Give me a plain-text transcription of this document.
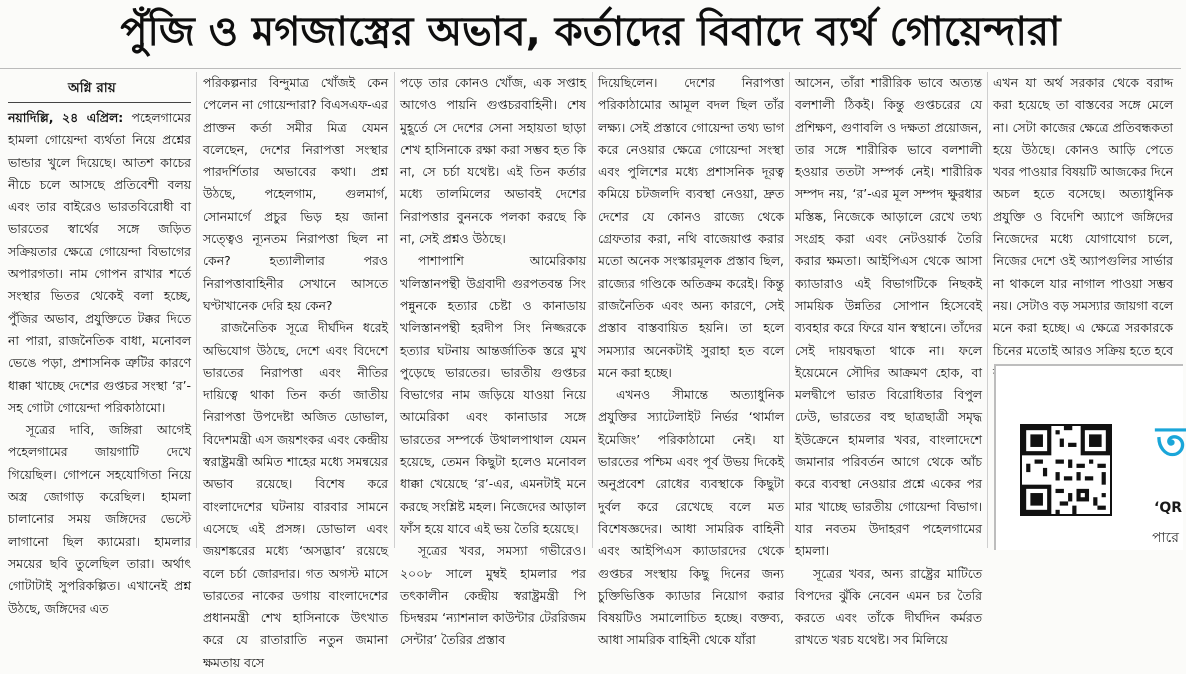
পুঁজি ও মগজাস্ত্রের অভাব, কর্তাদের বিবাদে ব্যর্থ গোয়েন্দারা
অগ্নি রায়

নয়াদিল্লি, ২৪ এপ্রিল: পহেলগামের হামলা গোয়েন্দা ব্যর্থতা নিয়ে প্রশ্নের ভান্ডার খুলে দিয়েছে। আতশ কাচের নীচে চলে আসছে প্রতিবেশী বলয় এবং তার বাইরেও ভারতবিরোধী বা ভারতের স্বার্থের সঙ্গে জড়িত সক্রিয়তার ক্ষেত্রে গোয়েন্দা বিভাগের অপারগতা। নাম গোপন রাখার শর্তে সংস্থার ভিতর থেকেই বলা হচ্ছে, পুঁজির অভাব, প্রযুক্তিতে টক্কর দিতে না পারা, রাজনৈতিক বাধা, মনোবল ভেঙে পড়া, প্রশাসনিক ত্রুটির কারণে ধাক্কা খাচ্ছে দেশের গুপ্তচর সংস্থা ‘র’-সহ গোটা গোয়েন্দা পরিকাঠামো।

সূত্রের দাবি, জঙ্গিরা আগেই পহেলগামের জায়গাটি দেখে গিয়েছিল। গোপনে সহযোগিতা নিয়ে অস্ত্র জোগাড় করেছিল। হামলা চালানোর সময় জঙ্গিদের ভেস্টে লাগানো ছিল ক্যামেরা। হামলার সময়ের ছবি তুলেছিল তারা। অর্থাৎ গোটাটাই সুপরিকল্পিত। এখানেই প্রশ্ন উঠছে, জঙ্গিদের এত

পরিকল্পনার বিন্দুমাত্র খোঁজই কেন পেলেন না গোয়েন্দারা? বিএসএফ-এর প্রাক্তন কর্তা সমীর মিত্র যেমন বলেছেন, দেশের নিরাপত্তা সংস্থার পারদর্শিতার অভাবের কথা। প্রশ্ন উঠছে, পহেলগাম, গুলমার্গ, সোনমার্গে প্রচুর ভিড় হয় জানা সত্ত্বেও ন্যূনতম নিরাপত্তা ছিল না কেন? হত্যালীলার পরও নিরাপত্তাবাহিনীর সেখানে আসতে ঘণ্টাখানেক দেরি হয় কেন?

রাজনৈতিক সূত্রে দীর্ঘদিন ধরেই অভিযোগ উঠছে, দেশে এবং বিদেশে ভারতের নিরাপত্তা এবং নীতির দায়িত্বে থাকা তিন কর্তা জাতীয় নিরাপত্তা উপদেষ্টা অজিত ডোভাল, বিদেশমন্ত্রী এস জয়শংকর এবং কেন্দ্রীয় স্বরাষ্ট্রমন্ত্রী অমিত শাহের মধ্যে সমন্বয়ের অভাব রয়েছে। বিশেষ করে বাংলাদেশের ঘটনায় বারবার সামনে এসেছে এই প্রসঙ্গ। ডোভাল এবং জয়শঙ্করের মধ্যে ‘অসদ্ভাব’ রয়েছে বলে চর্চা জোরদার। গত অগস্ট মাসে ভারতের নাকের ডগায় বাংলাদেশের প্রধানমন্ত্রী শেখ হাসিনাকে উৎখাত করে যে রাতারাতি নতুন জমানা ক্ষমতায় বসে

পড়ে তার কোনও খোঁজ, এক সপ্তাহ আগেও পায়নি গুপ্তচরবাহিনী। শেষ মুহূর্তে সে দেশের সেনা সহায়তা ছাড়া শেখ হাসিনাকে রক্ষা করা সম্ভব হত কি না, সে চর্চা যথেষ্ট। এই তিন কর্তার মধ্যে তালমিলের অভাবই দেশের নিরাপত্তার বুননকে পলকা করছে কি না, সেই প্রশ্নও উঠছে।

পাশাপাশি আমেরিকায় খলিস্তানপন্থী উগ্রবাদী গুরপতবন্ত সিং পন্নুনকে হত্যার চেষ্টা ও কানাডায় খলিস্তানপন্থী হরদীপ সিং নিজ্জরকে হত্যার ঘটনায় আন্তর্জাতিক স্তরে মুখ পুড়েছে ভারতের। ভারতীয় গুপ্তচর বিভাগের নাম জড়িয়ে যাওয়া নিয়ে আমেরিকা এবং কানাডার সঙ্গে ভারতের সম্পর্কে উথালপাথাল যেমন হয়েছে, তেমন কিছুটা হলেও মনোবল ধাক্কা খেয়েছে ‘র’-এর, এমনটাই মনে করছে সংশ্লিষ্ট মহল। নিজেদের আড়াল ফাঁস হয়ে যাবে এই ভয় তৈরি হয়েছে।

সূত্রের খবর, সমস্যা গভীরেও। ২০০৮ সালে মুম্বই হামলার পর তৎকালীন কেন্দ্রীয় স্বরাষ্ট্রমন্ত্রী পি চিদম্বরম ‘ন্যাশনাল কাউন্টার টেররিজম সেন্টার’ তৈরির প্রস্তাব

দিয়েছিলেন। দেশের নিরাপত্তা পরিকাঠামোর আমূল বদল ছিল তাঁর লক্ষ্য। সেই প্রস্তাবে গোয়েন্দা তথ্য ভাগ করে নেওয়ার ক্ষেত্রে গোয়েন্দা সংস্থা এবং পুলিশের মধ্যে প্রশাসনিক দূরত্ব কমিয়ে চটজলদি ব্যবস্থা নেওয়া, দ্রুত দেশের যে কোনও রাজ্যে থেকে গ্রেফতার করা, নথি বাজেয়াপ্ত করার মতো অনেক সংস্কারমূলক প্রস্তাব ছিল, রাজ্যের গণ্ডিকে অতিক্রম করেই। কিন্তু রাজনৈতিক এবং অন্য কারণে, সেই প্রস্তাব বাস্তবায়িত হয়নি। তা হলে সমস্যার অনেকটাই সুরাহা হত বলে মনে করা হচ্ছে।

এখনও সীমান্তে অত্যাধুনিক প্রযুক্তির স্যাটেলাইট নির্ভর ‘থার্মাল ইমেজিং’ পরিকাঠামো নেই। যা ভারতের পশ্চিম এবং পূর্ব উভয় দিকেই অনুপ্রবেশ রোধের ব্যবস্থাকে কিছুটা দুর্বল করে রেখেছে বলে মত বিশেষজ্ঞদের। আধা সামরিক বাহিনী এবং আইপিএস ক্যাডারদের থেকে গুপ্তচর সংস্থায় কিছু দিনের জন্য চুক্তিভিত্তিক ক্যাডার নিয়োগ করার বিষয়টিও সমালোচিত হচ্ছে। বক্তব্য, আধা সামরিক বাহিনী থেকে যাঁরা

আসেন, তাঁরা শারীরিক ভাবে অত্যন্ত বলশালী ঠিকই। কিন্তু গুপ্তচরের যে প্রশিক্ষণ, গুণাবলি ও দক্ষতা প্রয়োজন, তার সঙ্গে শারীরিক ভাবে বলশালী হওয়ার ততটা সম্পর্ক নেই। শারীরিক সম্পদ নয়, ‘র’-এর মূল সম্পদ ক্ষুরধার মস্তিষ্ক, নিজেকে আড়ালে রেখে তথ্য সংগ্রহ করা এবং নেটওয়ার্ক তৈরি করার ক্ষমতা। আইপিএস থেকে আসা ক্যাডারাও এই বিভাগটিকে নিছকই সাময়িক উন্নতির সোপান হিসেবেই ব্যবহার করে ফিরে যান স্বস্থানে। তাঁদের সেই দায়বদ্ধতা থাকে না। ফলে ইয়েমেনে সৌদির আক্রমণ হোক, বা মলদ্বীপে ভারত বিরোধিতার বিপুল ঢেউ, ভারতের বহু ছাত্রছাত্রী সমৃদ্ধ ইউক্রেনে হামলার খবর, বাংলাদেশে জমানার পরিবর্তন আগে থেকে আঁচ করে ব্যবস্থা নেওয়ার প্রশ্নে একের পর মার খাচ্ছে ভারতীয় গোয়েন্দা বিভাগ। যার নবতম উদাহরণ পহেলগামের হামলা।

সূত্রের খবর, অন্য রাষ্ট্রের মাটিতে বিপদের ঝুঁকি নেবেন এমন চর তৈরি করতে এবং তাঁকে দীর্ঘদিন কর্মরত রাখতে খরচ যথেষ্ট। সব মিলিয়ে

এখন যা অর্থ সরকার থেকে বরাদ্দ করা হয়েছে তা বাস্তবের সঙ্গে মেলে না। সেটা কাজের ক্ষেত্রে প্রতিবন্ধকতা হয়ে উঠছে। কোনও আড়ি পেতে খবর পাওয়ার বিষয়টি আজকের দিনে অচল হতে বসেছে। অত্যাধুনিক প্রযুক্তি ও বিদেশি অ্যাপে জঙ্গিদের নিজেদের মধ্যে যোগাযোগ চলে, নিজের দেশে ওই অ্যাপগুলির সার্ভার না থাকলে যার নাগাল পাওয়া সম্ভব নয়। সেটাও বড় সমস্যার জায়গা বলে মনে করা হচ্ছে। এ ক্ষেত্রে সরকারকে চিনের মতোই আরও সক্রিয় হতে হবে

ত
‘QR
পারে
